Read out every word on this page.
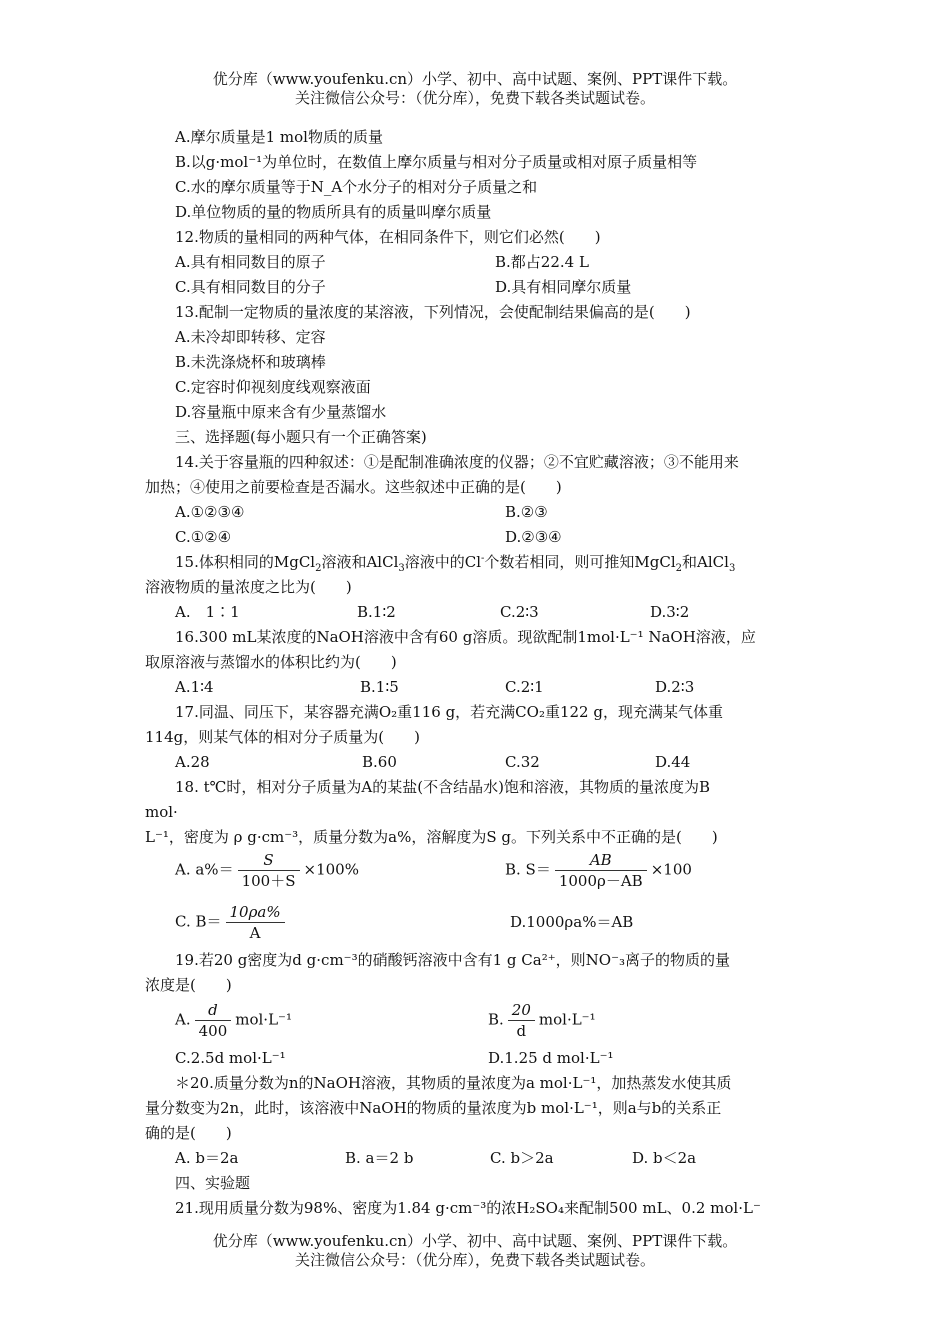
优分库（www.youfenku.cn）小学、初中、高中试题、案例、PPT课件下载。
关注微信公众号：（优分库），免费下载各类试题试卷。
A.摩尔质量是1 mol物质的质量
B.以g·mol⁻¹为单位时，在数值上摩尔质量与相对分子质量或相对原子质量相等
C.水的摩尔质量等于N_A个水分子的相对分子质量之和
D.单位物质的量的物质所具有的质量叫摩尔质量
12.物质的量相同的两种气体，在相同条件下，则它们必然(　　)
A.具有相同数目的原子	B.都占22.4 L
C.具有相同数目的分子	D.具有相同摩尔质量
13.配制一定物质的量浓度的某溶液，下列情况，会使配制结果偏高的是(　　)
A.未冷却即转移、定容
B.未洗涤烧杯和玻璃棒
C.定容时仰视刻度线观察液面
D.容量瓶中原来含有少量蒸馏水
三、选择题(每小题只有一个正确答案)
14.关于容量瓶的四种叙述：①是配制准确浓度的仪器；②不宜贮藏溶液；③不能用来
加热；④使用之前要检查是否漏水。这些叙述中正确的是(　　)
A.①②③④	B.②③
C.①②④	D.②③④
15.体积相同的MgCl$_2$溶液和AlCl$_3$溶液中的Cl-个数若相同，则可推知MgCl$_2$和AlCl$_3$
溶液物质的量浓度之比为(　　)
A.　1∶1	B.1∶2	C.2∶3	D.3∶2
16.300 mL某浓度的NaOH溶液中含有60 g溶质。现欲配制1mol·L⁻¹ NaOH溶液，应
取原溶液与蒸馏水的体积比约为(　　)
A.1∶4	B.1∶5	C.2∶1	D.2∶3
17.同温、同压下，某容器充满O₂重116 g，若充满CO₂重122 g，现充满某气体重
114g，则某气体的相对分子质量为(　　)
A.28	B.60	C.32	D.44
18. t℃时，相对分子质量为A的某盐(不含结晶水)饱和溶液，其物质的量浓度为B
mol·
L⁻¹，密度为 ρ g·cm⁻³，质量分数为a%，溶解度为S g。下列关系中不正确的是(　　)
A. $a\%= \frac{S}{100+S} \times 100\%$	B. $S= \frac{AB}{1000\rho-AB} \times 100$
C. $B= \frac{10\rho a\%}{A}$	D.1000ρa%＝AB
19.若20 g密度为d g·cm⁻³的硝酸钙溶液中含有1 g Ca²⁺，则NO⁻₃离子的物质的量
浓度是(　　)
A. $\frac{d}{400} mol\cdot L^{-1}$	B. $\frac{20}{d} mol\cdot L^{-1}$
C.2.5d mol·L⁻¹	D.1.25 d mol·L⁻¹
＊20.质量分数为n的NaOH溶液，其物质的量浓度为a mol·L⁻¹，加热蒸发水使其质
量分数变为2n，此时，该溶液中NaOH的物质的量浓度为b mol·L⁻¹，则a与b的关系正
确的是(　　)
A. b＝2a	B. a＝2 b	C. b＞2a	D. b＜2a
四、实验题
21.现用质量分数为98%、密度为1.84 g·cm⁻³的浓H₂SO₄来配制500 mL、0.2 mol·L⁻
优分库（www.youfenku.cn）小学、初中、高中试题、案例、PPT课件下载。
关注微信公众号：（优分库），免费下载各类试题试卷。
